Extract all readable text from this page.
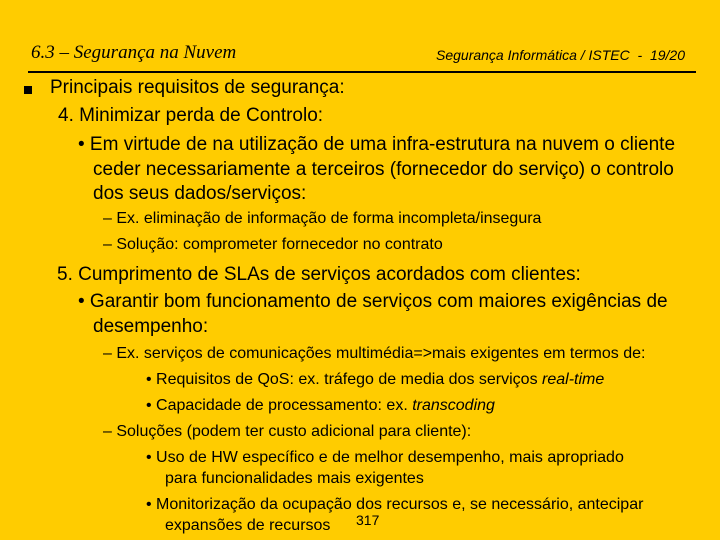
6.3 – Segurança na Nuvem	Segurança Informática / ISTEC  -  19/20
Principais requisitos de segurança:
4. Minimizar perda de Controlo:
• Em virtude de na utilização de uma infra-estrutura na nuvem o cliente
ceder necessariamente a terceiros (fornecedor do serviço) o controlo
dos seus dados/serviços:
– Ex. eliminação de informação de forma incompleta/insegura
– Solução: comprometer fornecedor no contrato
5. Cumprimento de SLAs de serviços acordados com clientes:
• Garantir bom funcionamento de serviços com maiores exigências de
desempenho:
– Ex. serviços de comunicações multimédia=>mais exigentes em termos de:
• Requisitos de QoS: ex. tráfego de media dos serviços real-time
• Capacidade de processamento: ex. transcoding
– Soluções (podem ter custo adicional para cliente):
• Uso de HW específico e de melhor desempenho, mais apropriado
para funcionalidades mais exigentes
• Monitorização da ocupação dos recursos e, se necessário, antecipar
expansões de recursos 317
